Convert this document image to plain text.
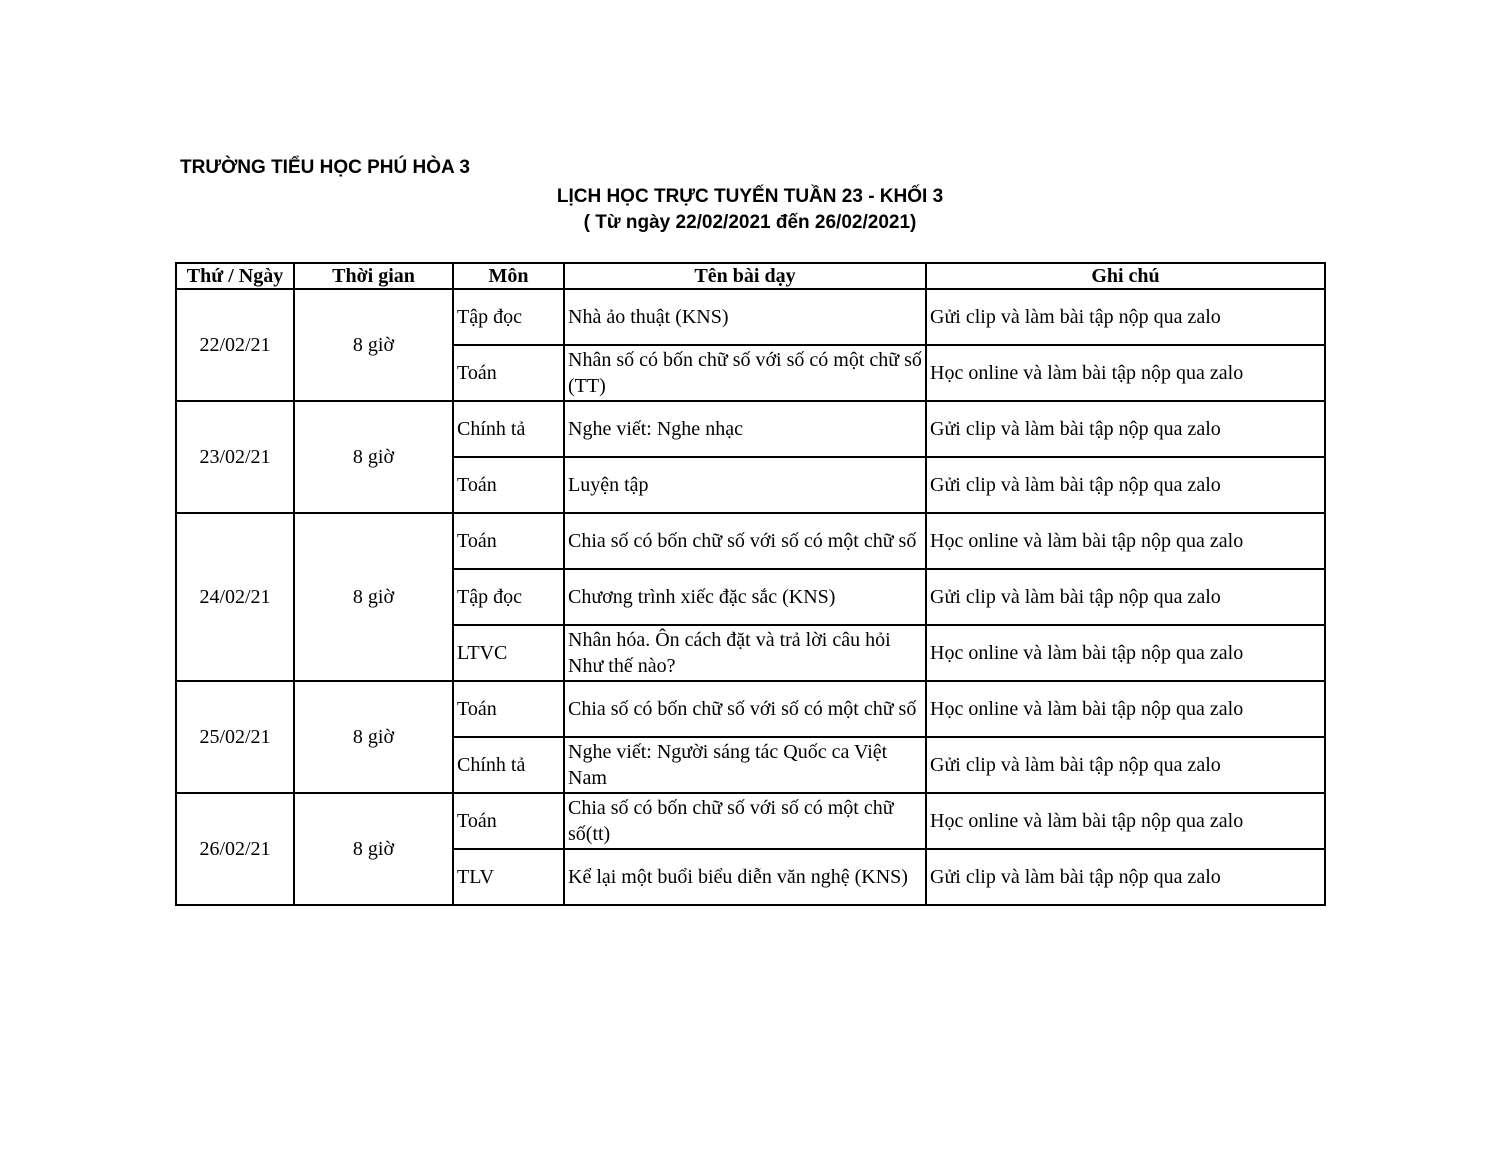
TRƯỜNG TIỂU HỌC PHÚ HÒA 3
LỊCH HỌC TRỰC TUYẾN TUẦN 23 - KHỐI 3
( Từ ngày 22/02/2021 đến 26/02/2021)
Thứ / Ngày	Thời gian	Môn	Tên bài dạy	Ghi chú
22/02/21	8 giờ	Tập đọc	Nhà ảo thuật (KNS)	Gửi clip và làm bài tập nộp qua zalo
		Toán	Nhân số có bốn chữ số với số có một chữ số (TT)	Học online và làm bài tập nộp qua zalo
23/02/21	8 giờ	Chính tả	Nghe viết: Nghe nhạc	Gửi clip và làm bài tập nộp qua zalo
		Toán	Luyện tập	Gửi clip và làm bài tập nộp qua zalo
24/02/21	8 giờ	Toán	Chia số có bốn chữ số với số có một chữ số	Học online và làm bài tập nộp qua zalo
		Tập đọc	Chương trình xiếc đặc sắc (KNS)	Gửi clip và làm bài tập nộp qua zalo
		LTVC	Nhân hóa. Ôn cách đặt và trả lời câu hỏi Như thế nào?	Học online và làm bài tập nộp qua zalo
25/02/21	8 giờ	Toán	Chia số có bốn chữ số với số có một chữ số	Học online và làm bài tập nộp qua zalo
		Chính tả	Nghe viết: Người sáng tác Quốc ca Việt Nam	Gửi clip và làm bài tập nộp qua zalo
26/02/21	8 giờ	Toán	Chia số có bốn chữ số với số có một chữ số(tt)	Học online và làm bài tập nộp qua zalo
		TLV	Kể lại một buổi biểu diễn văn nghệ (KNS)	Gửi clip và làm bài tập nộp qua zalo
